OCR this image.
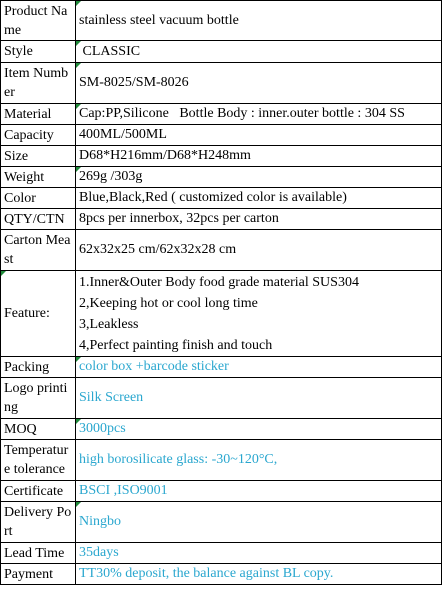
Product Name	stainless steel vacuum bottle
Style	CLASSIC
Item Number	SM-8025/SM-8026
Material	Cap:PP,Silicone   Bottle Body : inner.outer bottle : 304 SS
Capacity	400ML/500ML
Size	D68*H216mm/D68*H248mm
Weight	269g /303g
Color	Blue,Black,Red ( customized color is available)
QTY/CTN	8pcs per innerbox, 32pcs per carton
Carton Meast	62x32x25 cm/62x32x28 cm
Feature:	1.Inner&Outer Body food grade material SUS304
2,Keeping hot or cool long time
3,Leakless
4,Perfect painting finish and touch

Packing	color box +barcode sticker
Logo printing	Silk Screen
MOQ	3000pcs
Temperature tolerance	high borosilicate glass: -30~120°C,
Certificate	BSCI ,ISO9001
Delivery Port	Ningbo
Lead Time	35days
Payment	TT30% deposit, the balance against BL copy.
